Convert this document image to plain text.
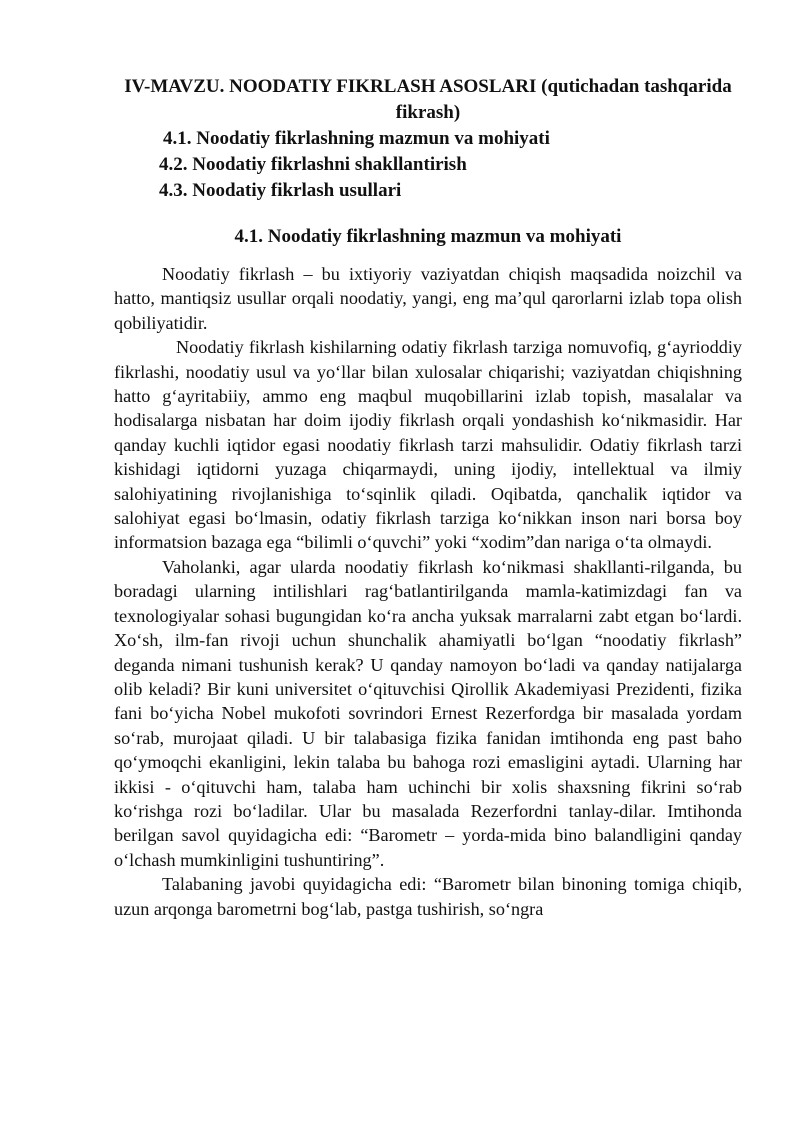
IV-MAVZU. NOODATIY FIKRLASH ASOSLARI (qutichadan tashqarida fikrash)
4.1. Noodatiy fikrlashning mazmun va mohiyati
4.2. Noodatiy fikrlashni shakllantirish
4.3. Noodatiy fikrlash usullari
4.1. Noodatiy fikrlashning mazmun va mohiyati

Noodatiy fikrlash – bu ixtiyoriy vaziyatdan chiqish maqsadida noizchil va hatto, mantiqsiz usullar orqali noodatiy, yangi, eng ma’qul qarorlarni izlab topa olish qobiliyatidir.

Noodatiy fikrlash kishilarning odatiy fikrlash tarziga nomuvofiq, g‘ayrioddiy fikrlashi, noodatiy usul va yo‘llar bilan xulosalar chiqarishi; vaziyatdan chiqishning hatto g‘ayritabiiy, ammo eng maqbul muqobillarini izlab topish, masalalar va hodisalarga nisbatan har doim ijodiy fikrlash orqali yondashish ko‘nikmasidir. Har qanday kuchli iqtidor egasi noodatiy fikrlash tarzi mahsulidir. Odatiy fikrlash tarzi kishidagi iqtidorni yuzaga chiqarmaydi, uning ijodiy, intellektual va ilmiy salohiyatining rivojlanishiga to‘sqinlik qiladi. Oqibatda, qanchalik iqtidor va salohiyat egasi bo‘lmasin, odatiy fikrlash tarziga ko‘nikkan inson nari borsa boy informatsion bazaga ega “bilimli o‘quvchi” yoki “xodim”dan nariga o‘ta olmaydi.

Vaholanki, agar ularda noodatiy fikrlash ko‘nikmasi shakllanti-rilganda, bu boradagi ularning intilishlari rag‘batlantirilganda mamla-katimizdagi fan va texnologiyalar sohasi bugungidan ko‘ra ancha yuksak marralarni zabt etgan bo‘lardi. Xo‘sh, ilm-fan rivoji uchun shunchalik ahamiyatli bo‘lgan “noodatiy fikrlash” deganda nimani tushunish kerak? U qanday namoyon bo‘ladi va qanday natijalarga olib keladi? Bir kuni universitet o‘qituvchisi Qirollik Akademiyasi Prezidenti, fizika fani bo‘yicha Nobel mukofoti sovrindori Ernest Rezerfordga bir masalada yordam so‘rab, murojaat qiladi. U bir talabasiga fizika fanidan imtihonda eng past baho qo‘ymoqchi ekanligini, lekin talaba bu bahoga rozi emasligini aytadi. Ularning har ikkisi - o‘qituvchi ham, talaba ham uchinchi bir xolis shaxsning fikrini so‘rab ko‘rishga rozi bo‘ladilar. Ular bu masalada Rezerfordni tanlay-dilar. Imtihonda berilgan savol quyidagicha edi: “Barometr – yorda-mida bino balandligini qanday o‘lchash mumkinligini tushuntiring”.

Talabaning javobi quyidagicha edi: “Barometr bilan binoning tomiga chiqib, uzun arqonga barometrni bog‘lab, pastga tushirish, so‘ngra
